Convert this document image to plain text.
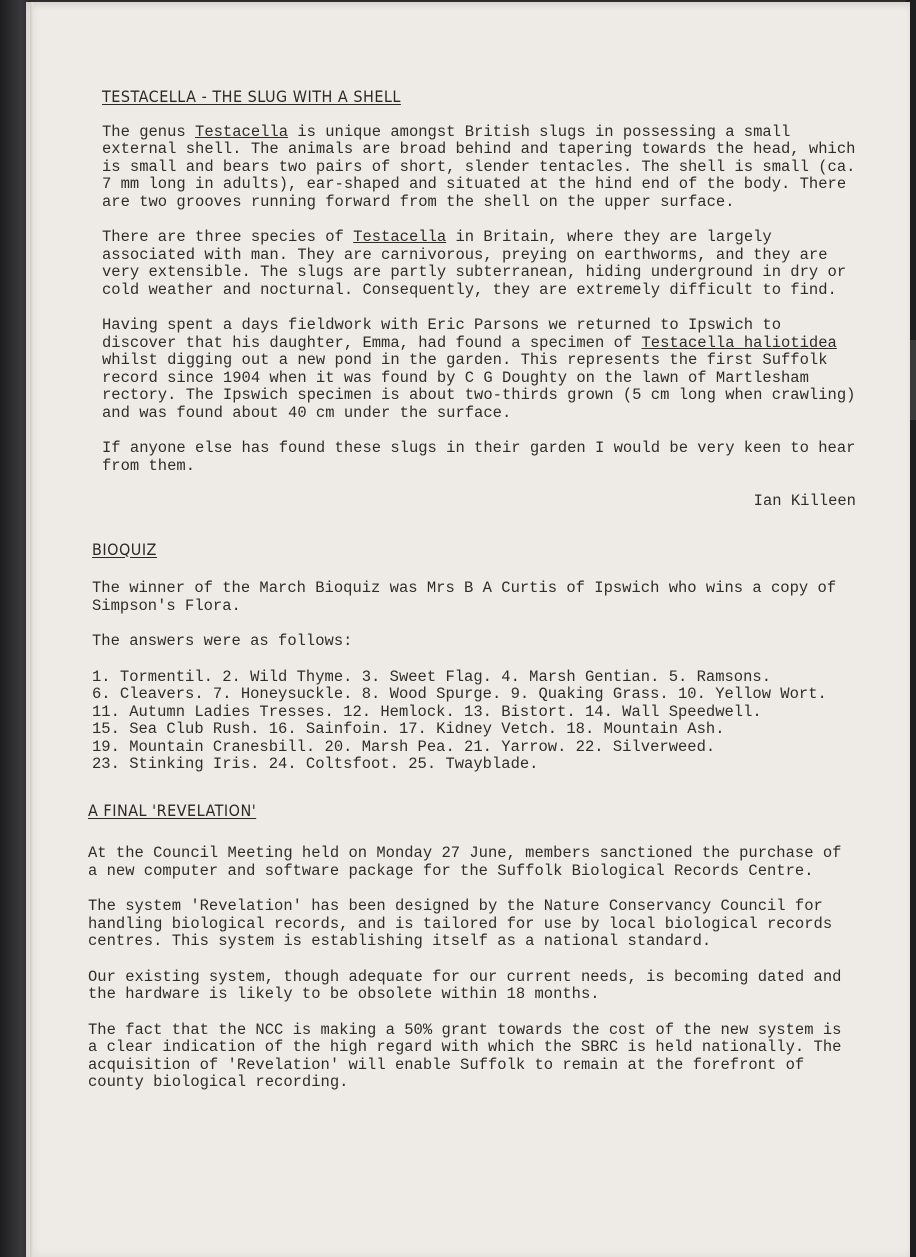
TESTACELLA - THE SLUG WITH A SHELL

The genus Testacella is unique amongst British slugs in possessing a small external shell. The animals are broad behind and tapering towards the head, which is small and bears two pairs of short, slender tentacles. The shell is small (ca. 7 mm long in adults), ear-shaped and situated at the hind end of the body. There are two grooves running forward from the shell on the upper surface.

There are three species of Testacella in Britain, where they are largely associated with man. They are carnivorous, preying on earthworms, and they are very extensible. The slugs are partly subterranean, hiding underground in dry or cold weather and nocturnal. Consequently, they are extremely difficult to find.

Having spent a days fieldwork with Eric Parsons we returned to Ipswich to discover that his daughter, Emma, had found a specimen of Testacella haliotidea whilst digging out a new pond in the garden. This represents the first Suffolk record since 1904 when it was found by C G Doughty on the lawn of Martlesham rectory. The Ipswich specimen is about two-thirds grown (5 cm long when crawling) and was found about 40 cm under the surface.

If anyone else has found these slugs in their garden I would be very keen to hear from them.

Ian Killeen

BIOQUIZ

The winner of the March Bioquiz was Mrs B A Curtis of Ipswich who wins a copy of Simpson's Flora.

The answers were as follows:

1. Tormentil. 2. Wild Thyme. 3. Sweet Flag. 4. Marsh Gentian. 5. Ramsons.
6. Cleavers. 7. Honeysuckle. 8. Wood Spurge. 9. Quaking Grass. 10. Yellow Wort.
11. Autumn Ladies Tresses. 12. Hemlock. 13. Bistort. 14. Wall Speedwell.
15. Sea Club Rush. 16. Sainfoin. 17. Kidney Vetch. 18. Mountain Ash.
19. Mountain Cranesbill. 20. Marsh Pea. 21. Yarrow. 22. Silverweed.
23. Stinking Iris. 24. Coltsfoot. 25. Twayblade.
A FINAL 'REVELATION'

At the Council Meeting held on Monday 27 June, members sanctioned the purchase of a new computer and software package for the Suffolk Biological Records Centre.

The system 'Revelation' has been designed by the Nature Conservancy Council for handling biological records, and is tailored for use by local biological records centres. This system is establishing itself as a national standard.

Our existing system, though adequate for our current needs, is becoming dated and the hardware is likely to be obsolete within 18 months.

The fact that the NCC is making a 50% grant towards the cost of the new system is a clear indication of the high regard with which the SBRC is held nationally. The acquisition of 'Revelation' will enable Suffolk to remain at the forefront of county biological recording.
